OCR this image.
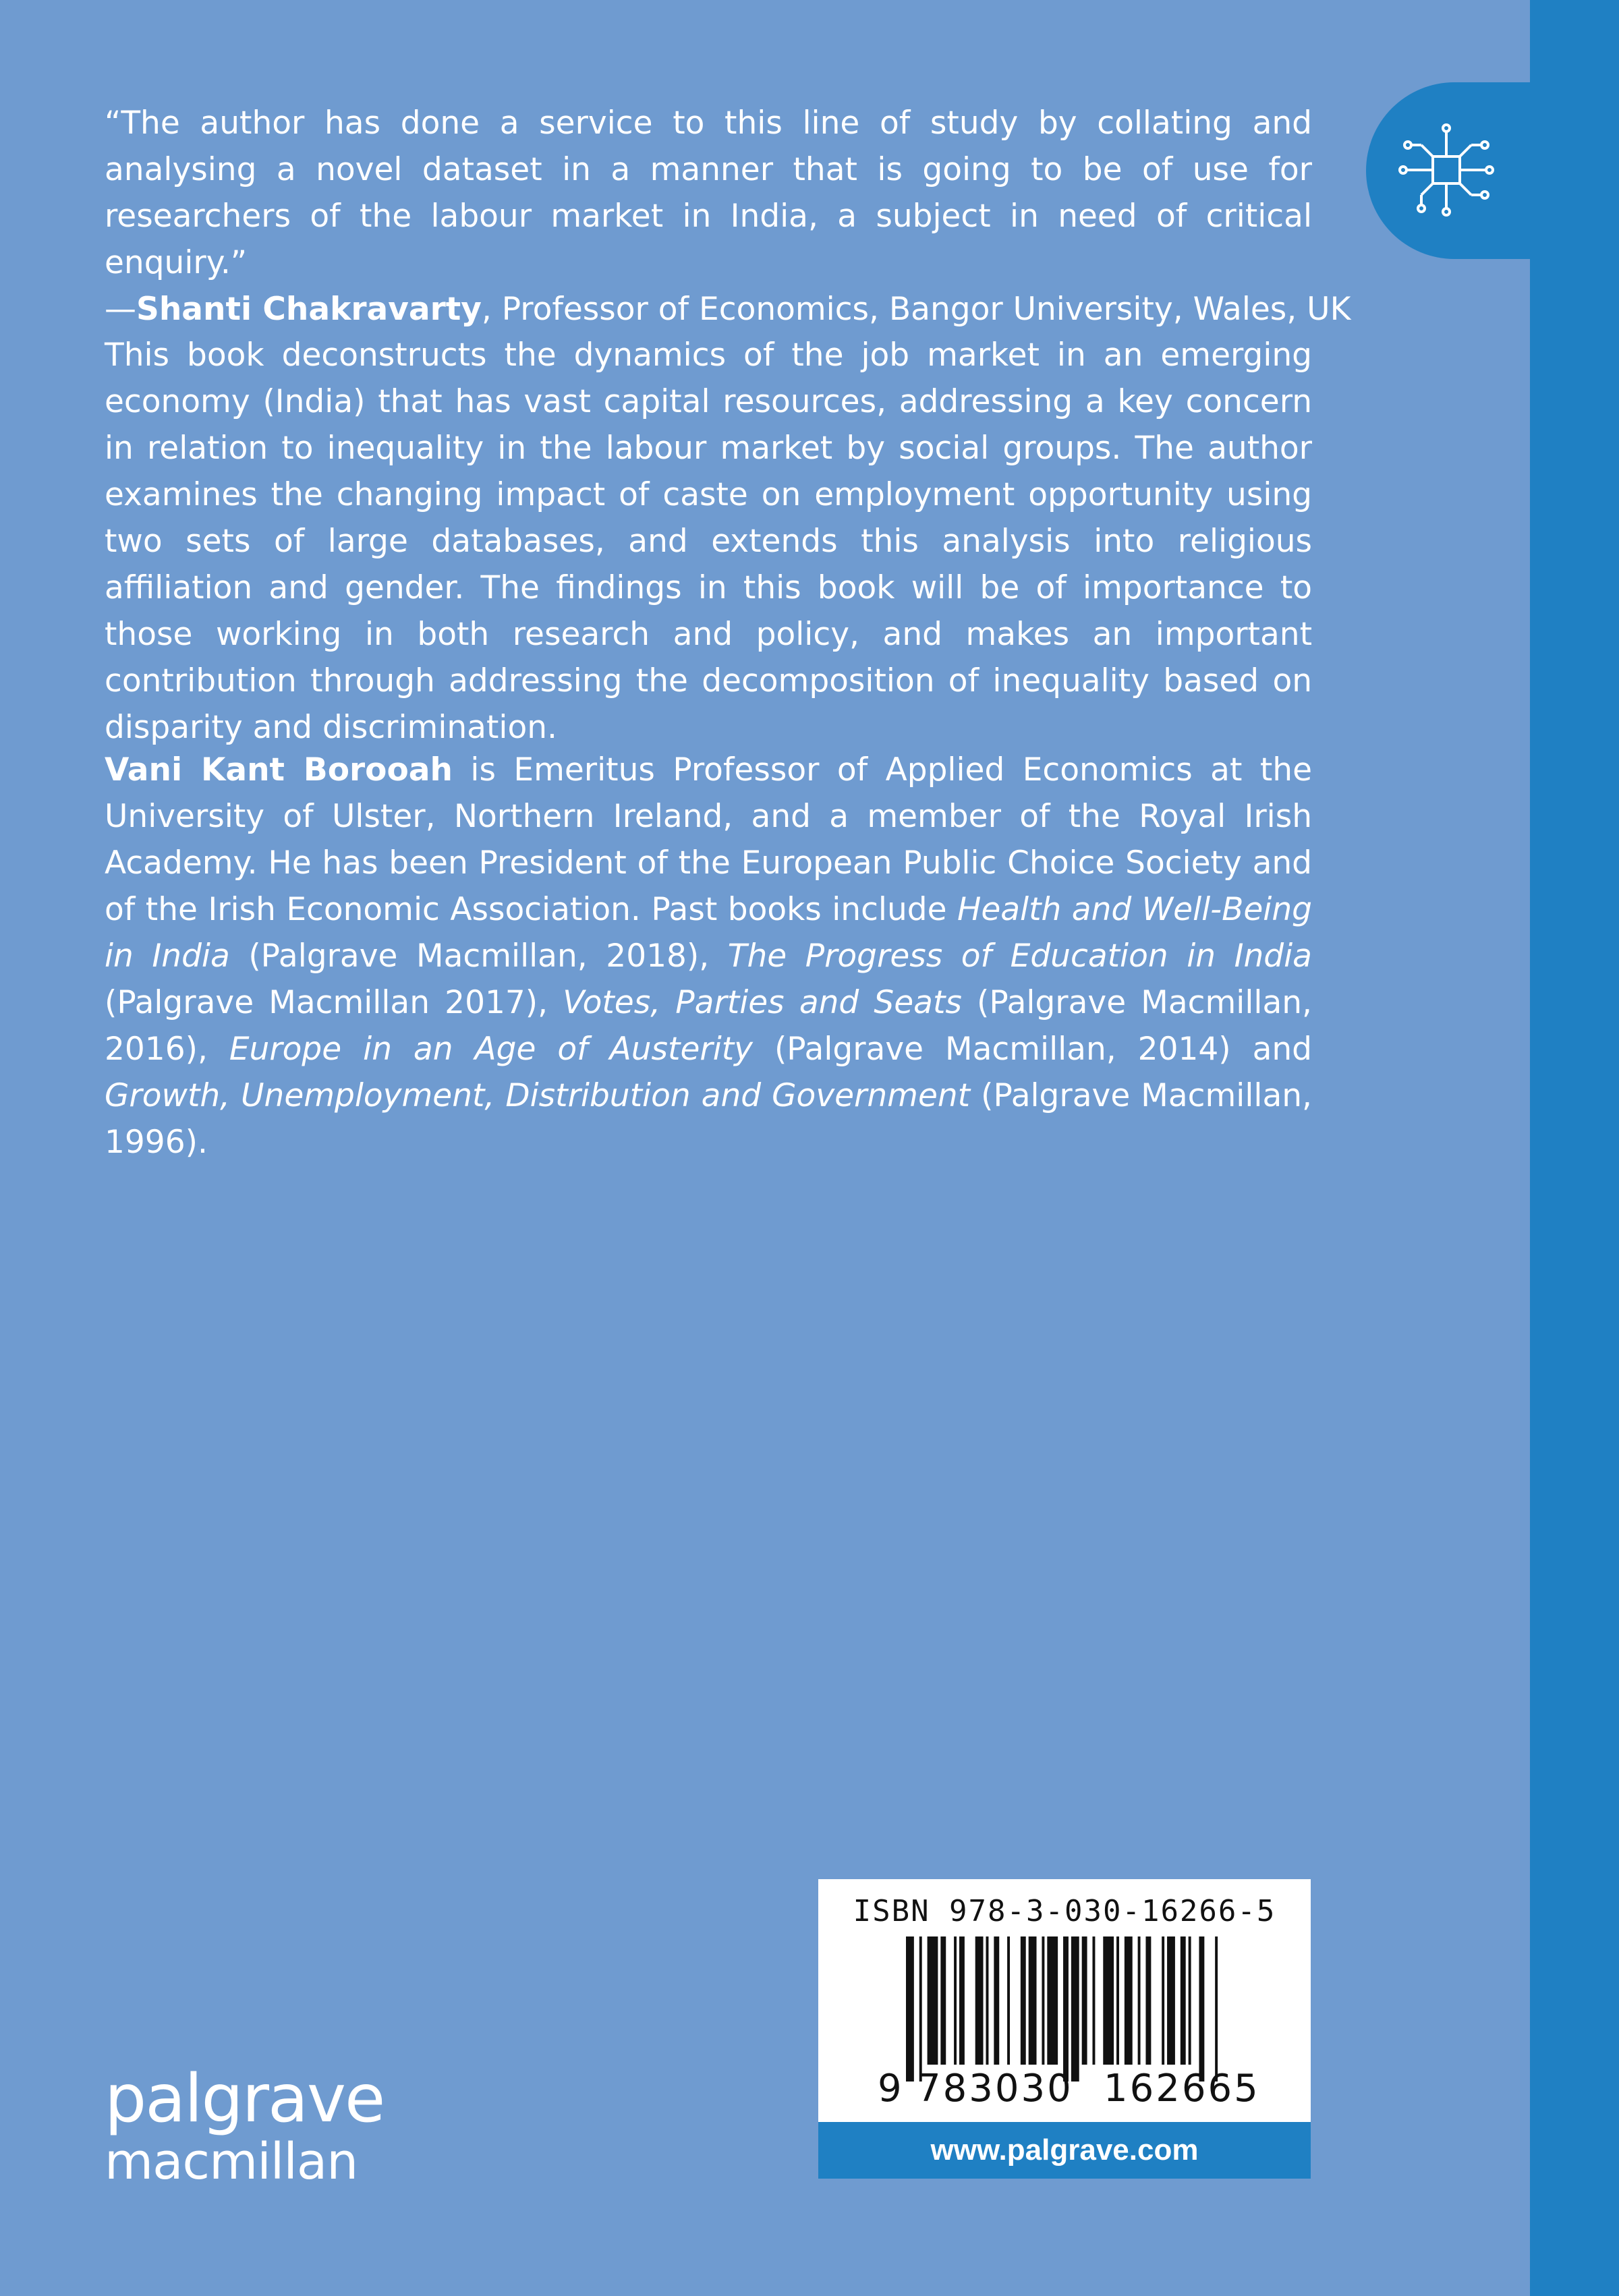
“The author has done a service to this line of study by collating and analysing a novel dataset in a manner that is going to be of use for researchers of the labour market in India, a subject in need of critical enquiry.”

—Shanti Chakravarty, Professor of Economics, Bangor University, Wales, UK

This book deconstructs the dynamics of the job market in an emerging economy (India) that has vast capital resources, addressing a key concern in relation to inequality in the labour market by social groups. The author examines the changing impact of caste on employment opportunity using two sets of large databases, and extends this analysis into religious affiliation and gender. The findings in this book will be of importance to those working in both research and policy, and makes an important contribution through addressing the decomposition of inequality based on disparity and discrimination.

Vani Kant Borooah is Emeritus Professor of Applied Economics at the University of Ulster, Northern Ireland, and a member of the Royal Irish Academy. He has been President of the European Public Choice Society and of the Irish Economic Association. Past books include Health and Well-Being in India (Palgrave Macmillan, 2018), The Progress of Education in India (Palgrave Macmillan 2017), Votes, Parties and Seats (Palgrave Macmillan, 2016), Europe in an Age of Austerity (Palgrave Macmillan, 2014) and Growth, Unemployment, Distribution and Government (Palgrave Macmillan, 1996).

ISBN 978-3-030-16266-5
9 783030 162665
www.palgrave.com
palgrave
macmillan
